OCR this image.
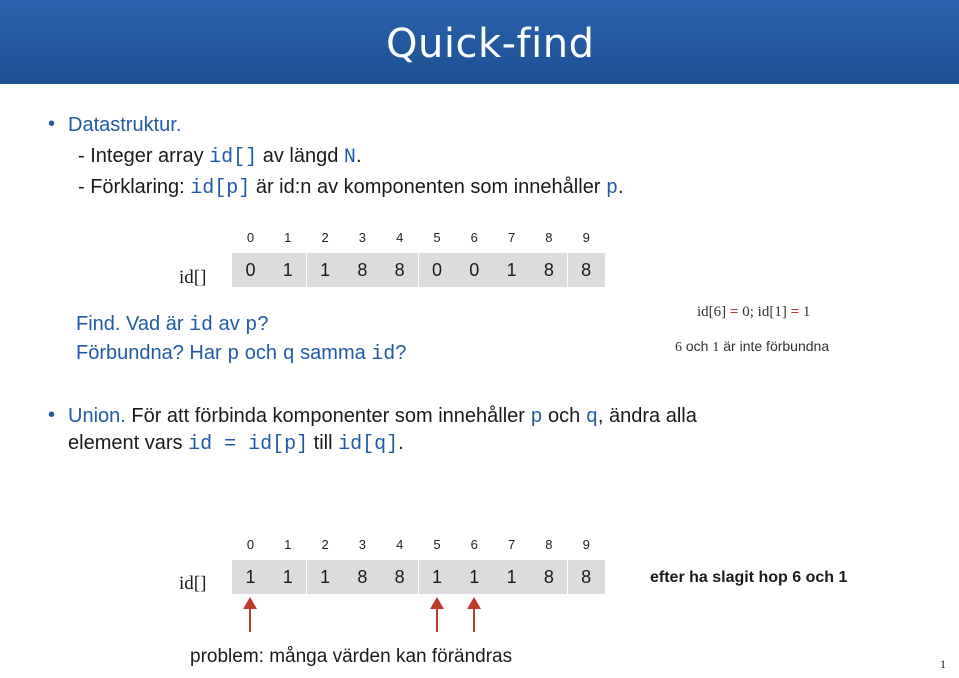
Quick-find
• Datastruktur.
- Integer array id[] av längd N.
- Förklaring: id[p] är id:n av komponenten som innehåller p.
id[]
0	1	2	3	4	5	6	7	8	9
0	1	1	8	8	0	0	1	8	8
Find. Vad är id av p?
Förbundna? Har p och q samma id?
id[6] = 0; id[1] = 1
6 och 1 är inte förbundna
• Union. För att förbinda komponenter som innehåller p och q, ändra alla
element vars id = id[p] till id[q].
id[]
0	1	2	3	4	5	6	7	8	9
1	1	1	8	8	1	1	1	8	8	efter ha slagit hop 6 och 1
problem: många värden kan förändras	1
